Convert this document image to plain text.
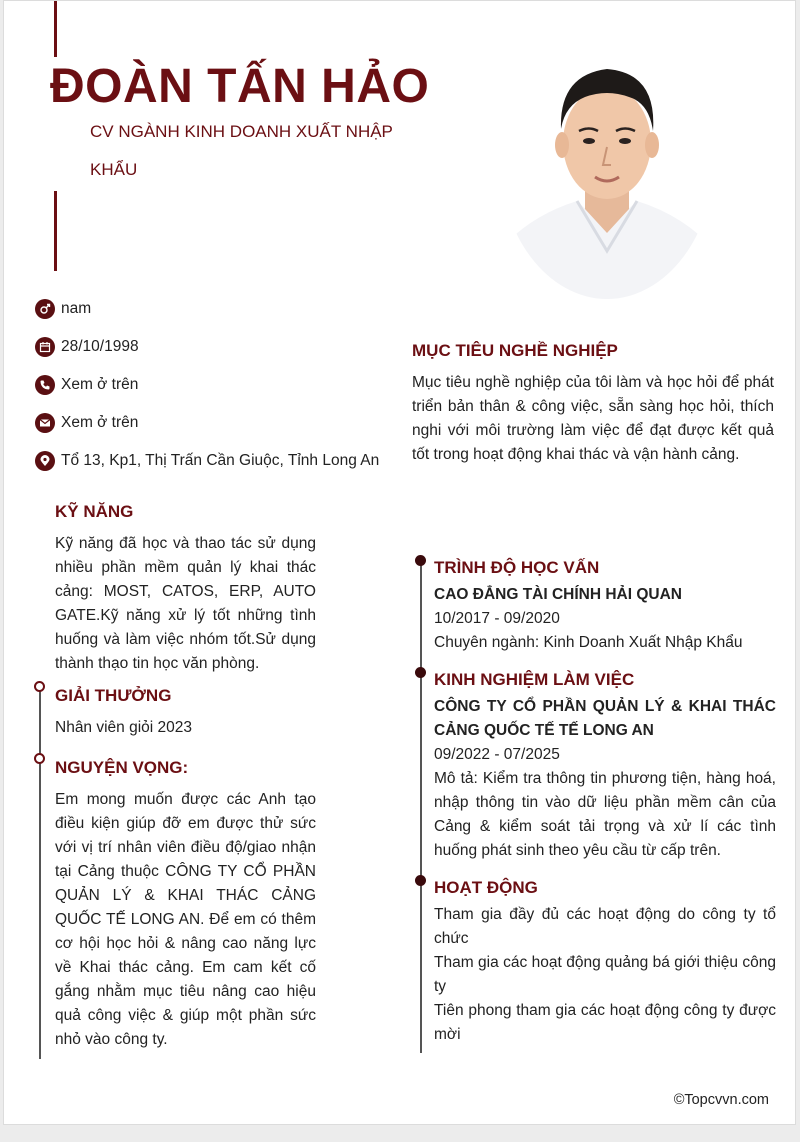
ĐOÀN TẤN HẢO
CV NGÀNH KINH DOANH XUẤT NHẬP KHẨU
nam
28/10/1998
Xem ở trên
Xem ở trên
Tổ 13, Kp1, Thị Trấn Cần Giuộc, Tỉnh Long An
KỸ NĂNG
Kỹ năng đã học và thao tác sử dụng nhiều phần mềm quản lý khai thác cảng: MOST, CATOS, ERP, AUTO GATE.Kỹ năng xử lý tốt những tình huống và làm việc nhóm tốt.Sử dụng thành thạo tin học văn phòng.
GIẢI THƯỞNG
Nhân viên giỏi 2023
NGUYỆN VỌNG:
Em mong muốn được các Anh tạo điều kiện giúp đỡ em được thử sức với vị trí nhân viên điều độ/giao nhận tại Cảng thuộc CÔNG TY CỔ PHẦN QUẢN LÝ & KHAI THÁC CẢNG QUỐC TẾ LONG AN. Để em có thêm cơ hội học hỏi & nâng cao năng lực về Khai thác cảng. Em cam kết cố gắng nhằm mục tiêu nâng cao hiệu quả công việc & giúp một phần sức nhỏ vào công ty.
MỤC TIÊU NGHỀ NGHIỆP
Mục tiêu nghề nghiệp của tôi làm và học hỏi để phát triển bản thân & công việc, sẵn sàng học hỏi, thích nghi với môi trường làm việc để đạt được kết quả tốt trong hoạt động khai thác và vận hành cảng.
TRÌNH ĐỘ HỌC VẤN
CAO ĐẲNG TÀI CHÍNH HẢI QUAN
10/2017 - 09/2020
Chuyên ngành: Kinh Doanh Xuất Nhập Khẩu
KINH NGHIỆM LÀM VIỆC
CÔNG TY CỔ PHẦN QUẢN LÝ & KHAI THÁC CẢNG QUỐC TẾ TẾ LONG AN
09/2022 - 07/2025
Mô tả: Kiểm tra thông tin phương tiện, hàng hoá, nhập thông tin vào dữ liệu phần mềm cân của Cảng & kiểm soát tải trọng và xử lí các tình huống phát sinh theo yêu cầu từ cấp trên.
HOẠT ĐỘNG
Tham gia đầy đủ các hoạt động do công ty tổ chức
Tham gia các hoạt động quảng bá giới thiệu công ty
Tiên phong tham gia các hoạt động công ty được mời
©Topcvvn.com
